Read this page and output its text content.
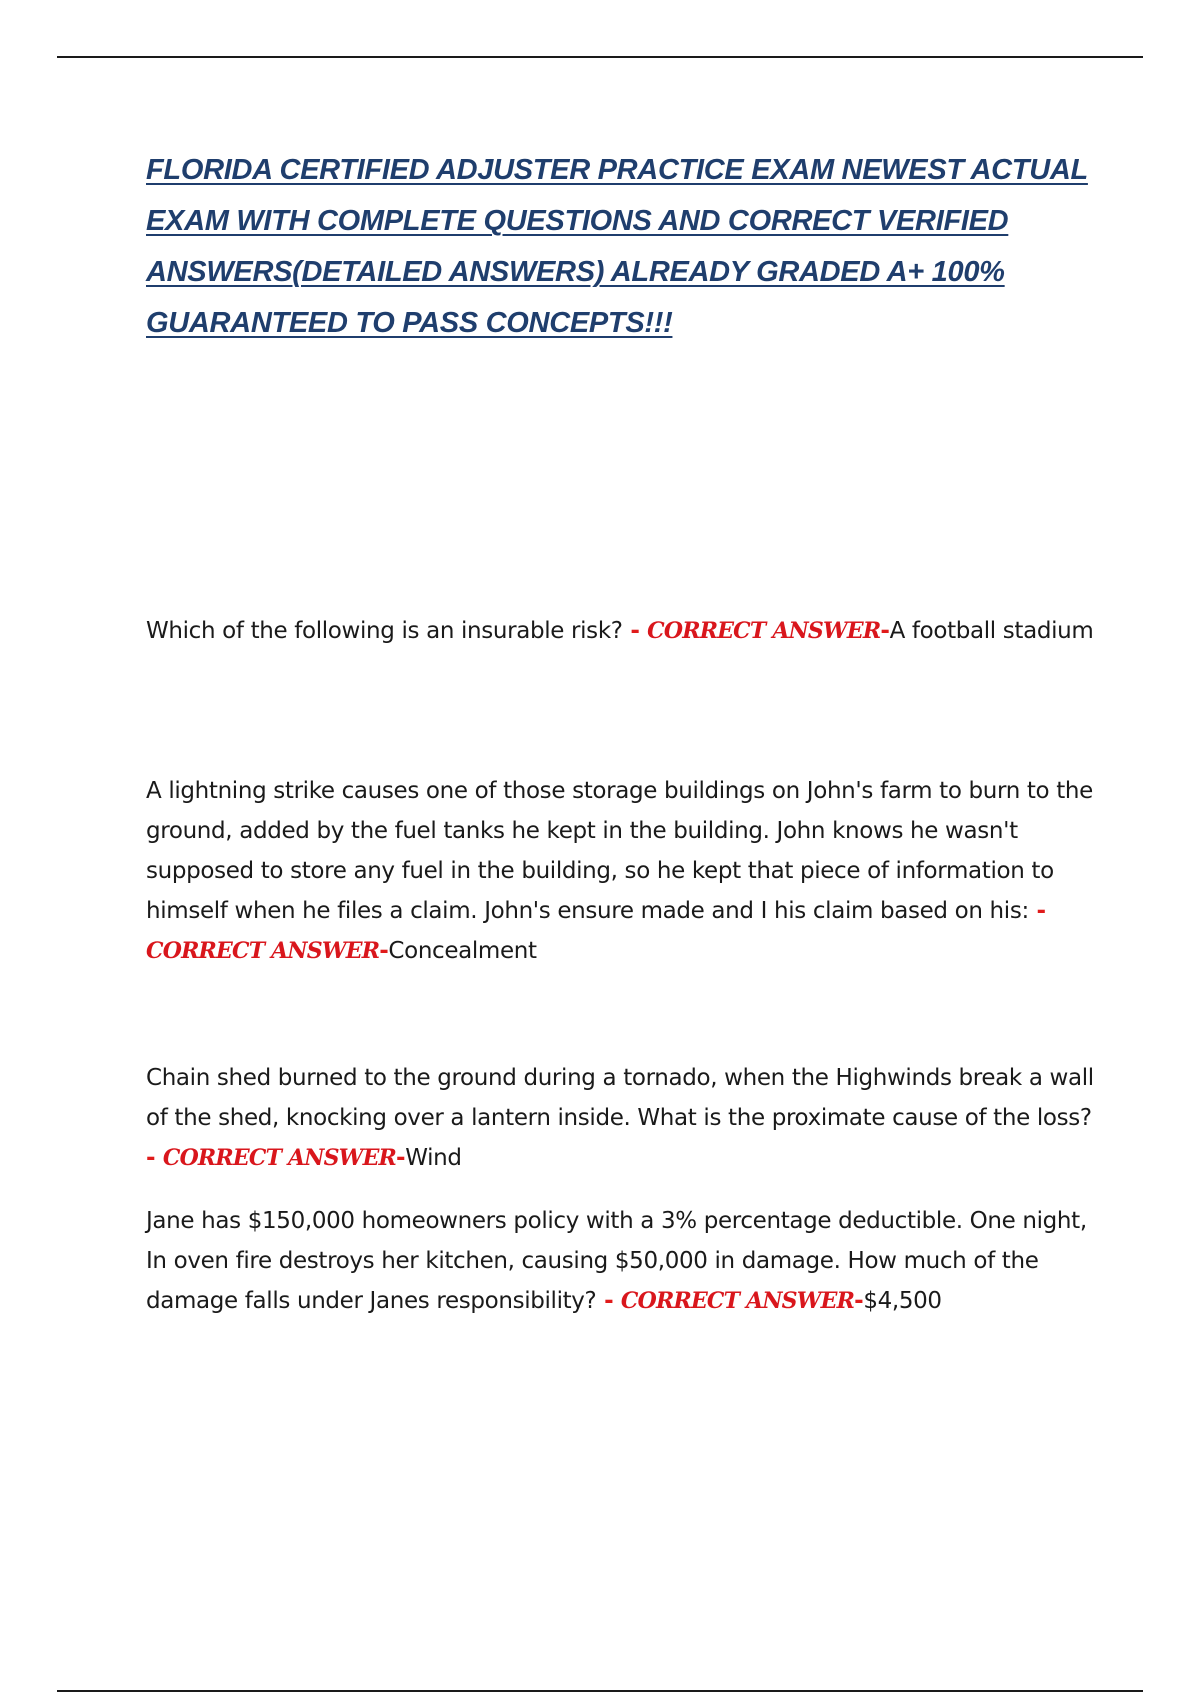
FLORIDA CERTIFIED ADJUSTER PRACTICE EXAM NEWEST ACTUAL EXAM WITH COMPLETE QUESTIONS AND CORRECT VERIFIED ANSWERS(DETAILED ANSWERS) ALREADY GRADED A+ 100% GUARANTEED TO PASS CONCEPTS!!!

Which of the following is an insurable risk? - CORRECT ANSWER-A football stadium

A lightning strike causes one of those storage buildings on John's farm to burn to the ground, added by the fuel tanks he kept in the building. John knows he wasn't supposed to store any fuel in the building, so he kept that piece of information to himself when he files a claim. John's ensure made and I his claim based on his: - CORRECT ANSWER-Concealment

Chain shed burned to the ground during a tornado, when the Highwinds break a wall of the shed, knocking over a lantern inside. What is the proximate cause of the loss? - CORRECT ANSWER-Wind

Jane has $150,000 homeowners policy with a 3% percentage deductible. One night, In oven fire destroys her kitchen, causing $50,000 in damage. How much of the damage falls under Janes responsibility? - CORRECT ANSWER-$4,500
